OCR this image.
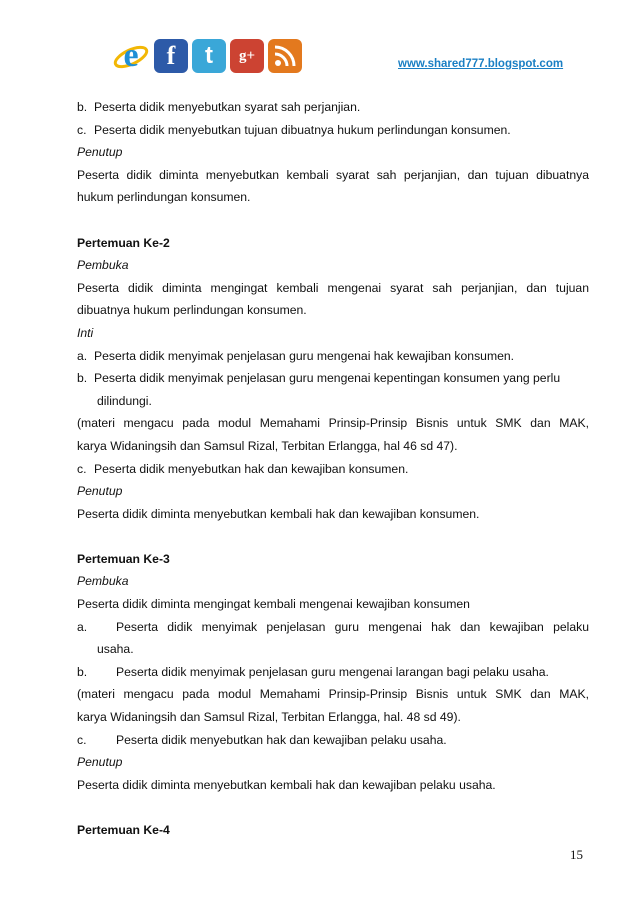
e	f	t	g+
www.shared777.blogspot.com
b. Peserta didik menyebutkan syarat sah perjanjian.
c. Peserta didik menyebutkan tujuan dibuatnya hukum perlindungan konsumen.

Penutup

Peserta didik diminta menyebutkan kembali syarat sah perjanjian, dan tujuan dibuatnya

hukum perlindungan konsumen.

Pertemuan Ke-2

Pembuka

Peserta didik diminta mengingat kembali mengenai syarat sah perjanjian, dan tujuan

dibuatnya hukum perlindungan konsumen.

Inti

a. Peserta didik menyimak penjelasan guru mengenai hak kewajiban konsumen.
b. Peserta didik menyimak penjelasan guru mengenai kepentingan konsumen yang perlu

dilindungi.

(materi mengacu pada modul Memahami Prinsip-Prinsip Bisnis untuk SMK dan MAK,

karya Widaningsih dan Samsul Rizal, Terbitan Erlangga, hal 46 sd 47).

c. Peserta didik menyebutkan hak dan kewajiban konsumen.

Penutup

Peserta didik diminta menyebutkan kembali hak dan kewajiban konsumen.

Pertemuan Ke-3

Pembuka

Peserta didik diminta mengingat kembali mengenai kewajiban konsumen

a.	Peserta didik menyimak penjelasan guru mengenai hak dan kewajiban pelaku

usaha.

b.	Peserta didik menyimak penjelasan guru mengenai larangan bagi pelaku usaha.

(materi mengacu pada modul Memahami Prinsip-Prinsip Bisnis untuk SMK dan MAK,

karya Widaningsih dan Samsul Rizal, Terbitan Erlangga, hal. 48 sd 49).

c.	Peserta didik menyebutkan hak dan kewajiban pelaku usaha.

Penutup

Peserta didik diminta menyebutkan kembali hak dan kewajiban pelaku usaha.

Pertemuan Ke-4

15
